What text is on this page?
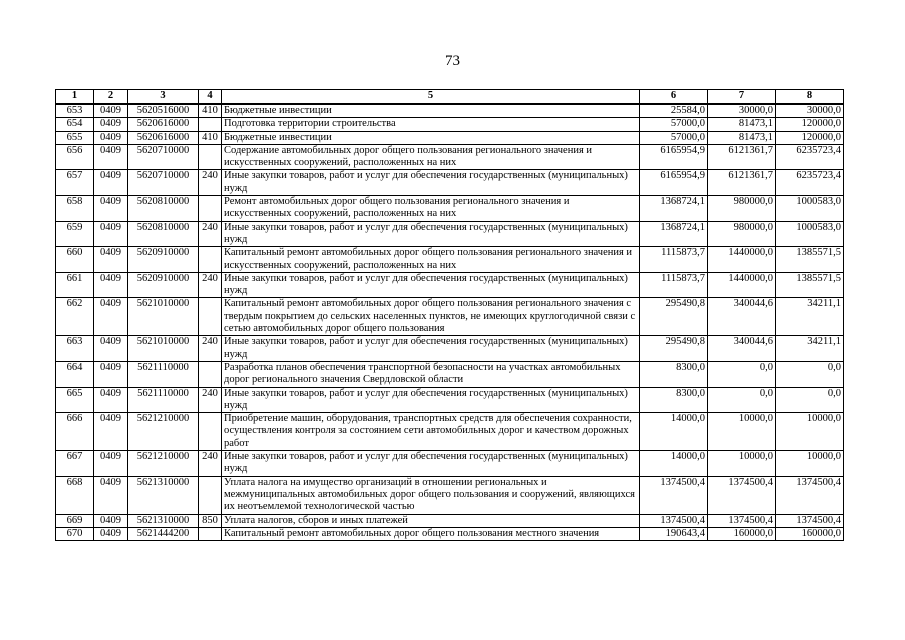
73
1	2	3	4	5	6	7	8
653	0409	5620516000	410	Бюджетные инвестиции	25584,0	30000,0	30000,0
654	0409	5620616000		Подготовка территории строительства	57000,0	81473,1	120000,0
655	0409	5620616000	410	Бюджетные инвестиции	57000,0	81473,1	120000,0
656	0409	5620710000		Содержание автомобильных дорог общего пользования регионального значения и искусственных сооружений, расположенных на них	6165954,9	6121361,7	6235723,4
657	0409	5620710000	240	Иные закупки товаров, работ и услуг для обеспечения государственных (муниципальных) нужд	6165954,9	6121361,7	6235723,4
658	0409	5620810000		Ремонт автомобильных дорог общего пользования регионального значения и искусственных сооружений, расположенных на них	1368724,1	980000,0	1000583,0
659	0409	5620810000	240	Иные закупки товаров, работ и услуг для обеспечения государственных (муниципальных) нужд	1368724,1	980000,0	1000583,0
660	0409	5620910000		Капитальный ремонт автомобильных дорог общего пользования регионального значения и искусственных сооружений, расположенных на них	1115873,7	1440000,0	1385571,5
661	0409	5620910000	240	Иные закупки товаров, работ и услуг для обеспечения государственных (муниципальных) нужд	1115873,7	1440000,0	1385571,5
662	0409	5621010000		Капитальный ремонт автомобильных дорог общего пользования регионального значения с твердым покрытием до сельских населенных пунктов, не имеющих круглогодичной связи с сетью автомобильных дорог общего пользования	295490,8	340044,6	34211,1
663	0409	5621010000	240	Иные закупки товаров, работ и услуг для обеспечения государственных (муниципальных) нужд	295490,8	340044,6	34211,1
664	0409	5621110000		Разработка планов обеспечения транспортной безопасности на участках автомобильных дорог регионального значения Свердловской области	8300,0	0,0	0,0
665	0409	5621110000	240	Иные закупки товаров, работ и услуг для обеспечения государственных (муниципальных) нужд	8300,0	0,0	0,0
666	0409	5621210000		Приобретение машин, оборудования, транспортных средств для обеспечения сохранности, осуществления контроля за состоянием сети автомобильных дорог и качеством дорожных работ	14000,0	10000,0	10000,0
667	0409	5621210000	240	Иные закупки товаров, работ и услуг для обеспечения государственных (муниципальных) нужд	14000,0	10000,0	10000,0
668	0409	5621310000		Уплата налога на имущество организаций в отношении региональных и межмуниципальных автомобильных дорог общего пользования и сооружений, являющихся их неотъемлемой технологической частью	1374500,4	1374500,4	1374500,4
669	0409	5621310000	850	Уплата налогов, сборов и иных платежей	1374500,4	1374500,4	1374500,4
670	0409	5621444200		Капитальный ремонт автомобильных дорог общего пользования местного значения	190643,4	160000,0	160000,0
